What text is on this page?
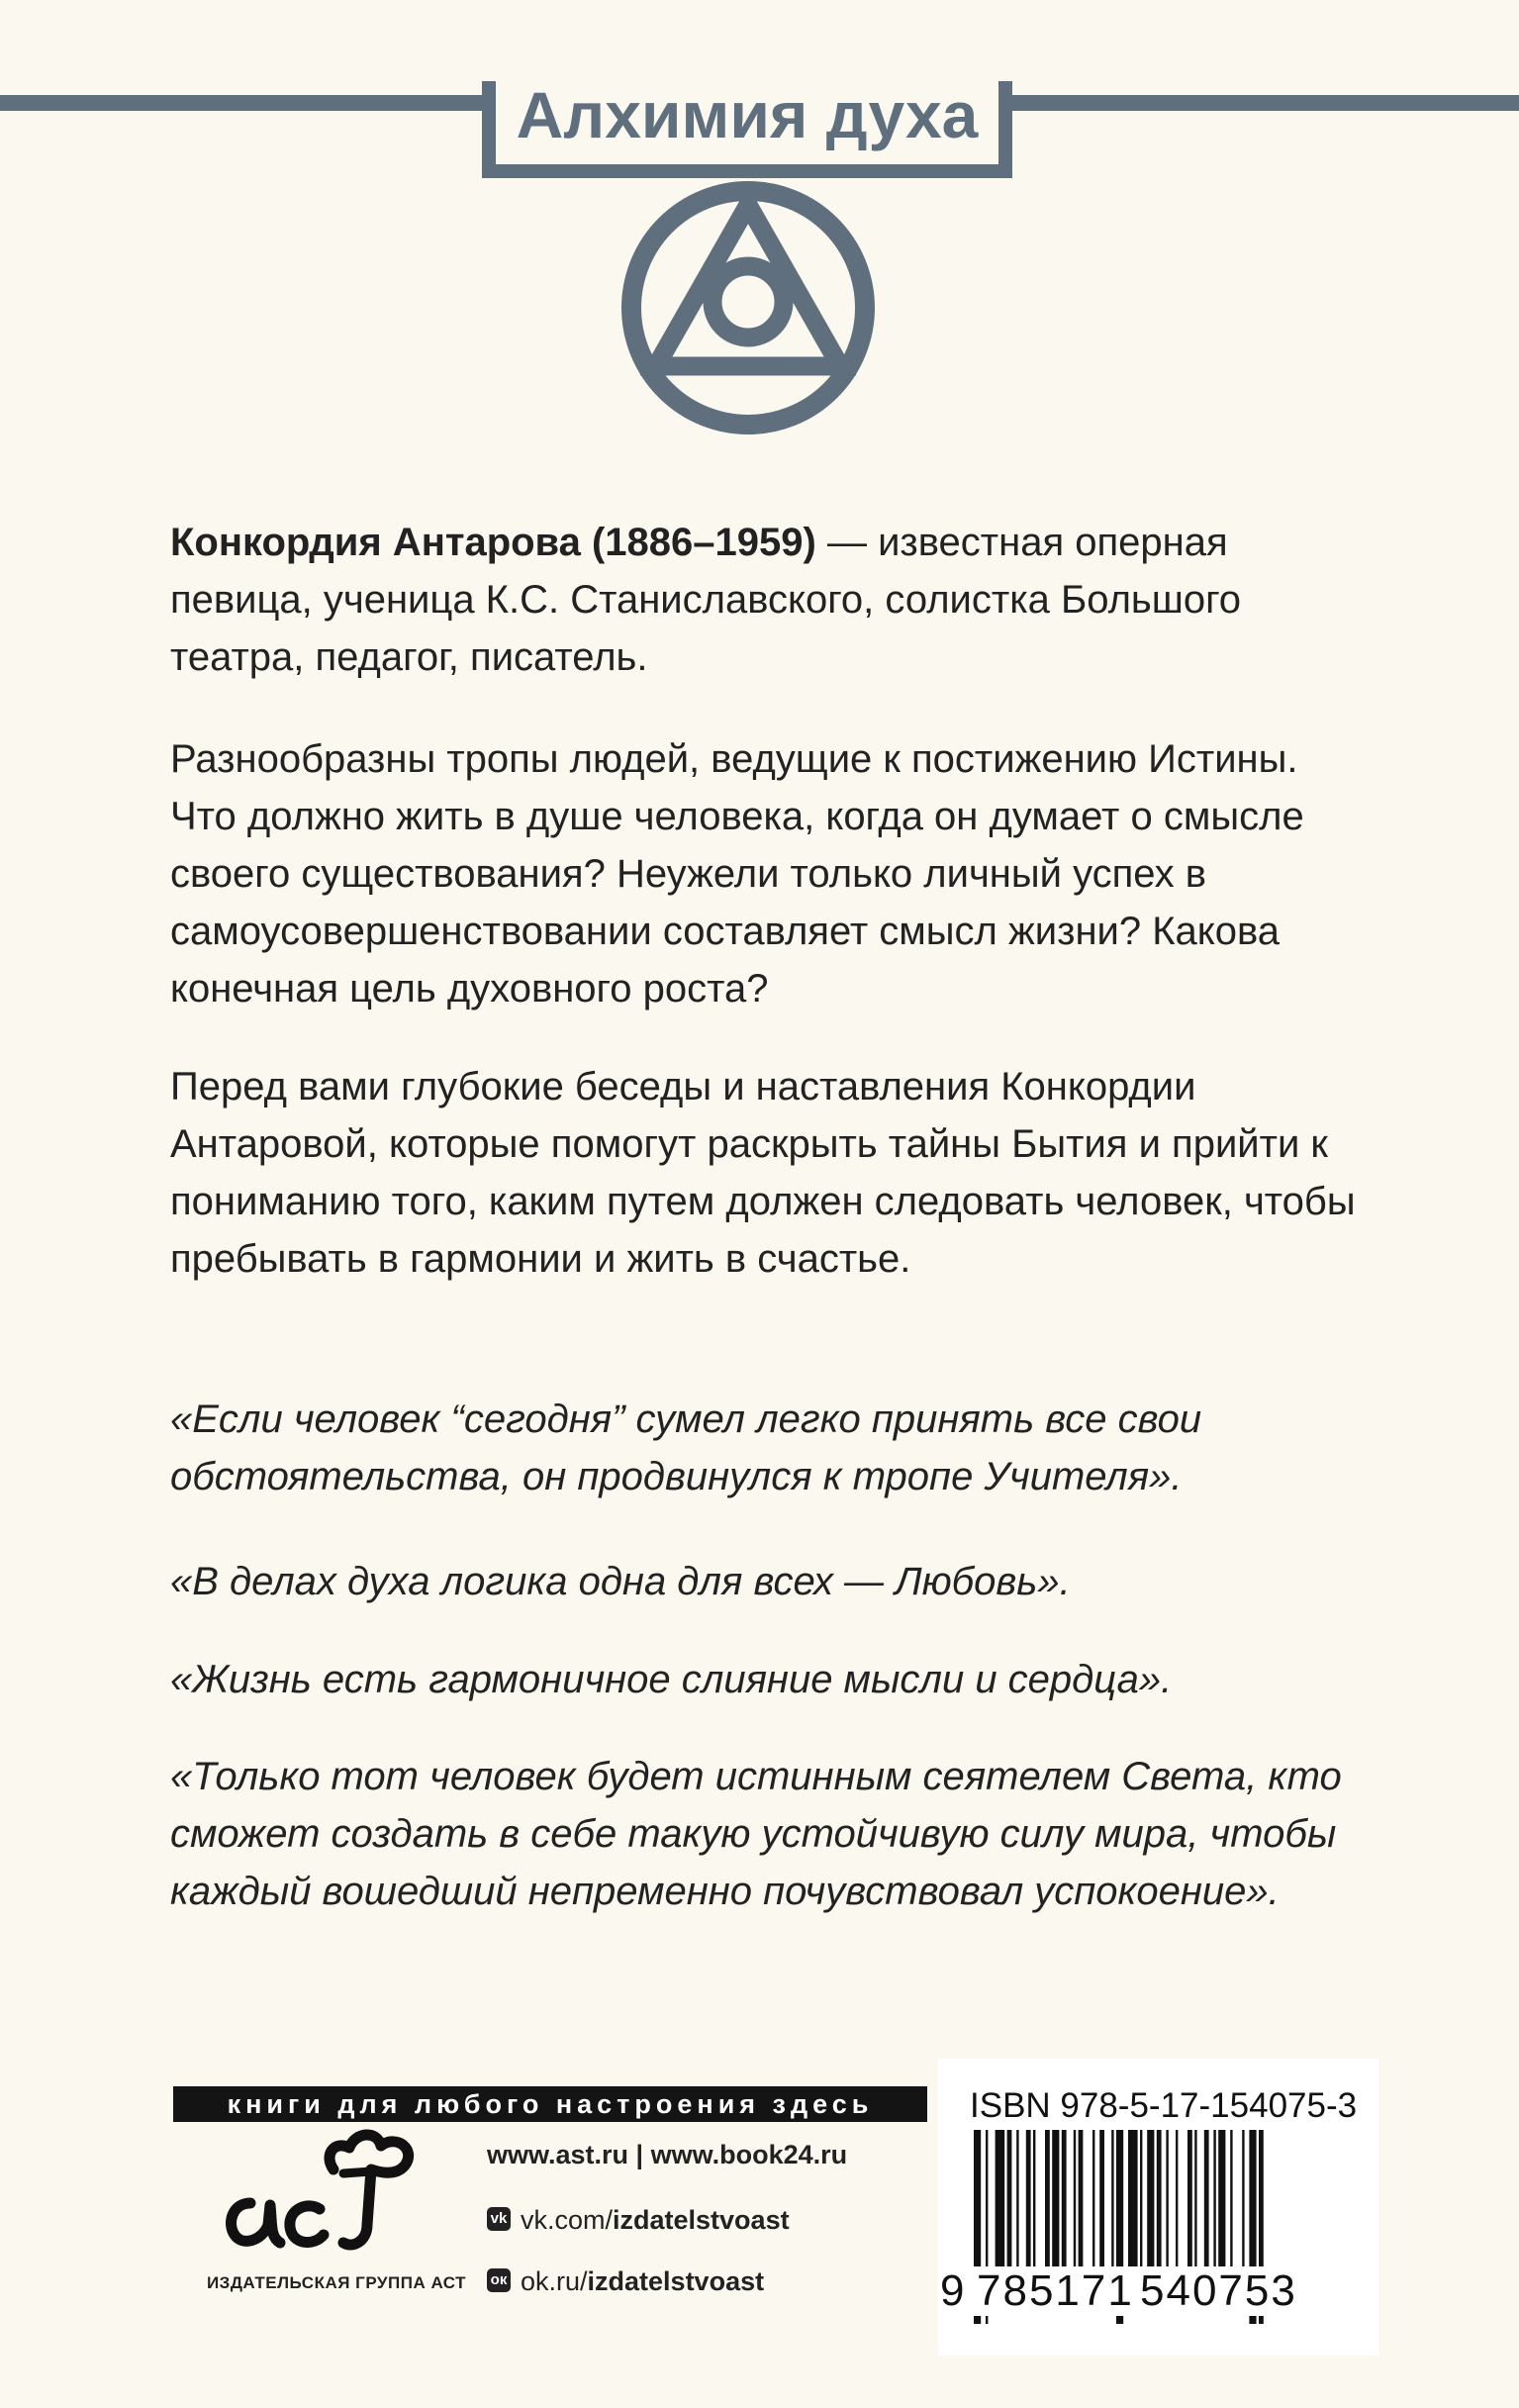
Алхимия духа

Конкордия Антарова (1886–1959) — известная оперная певица, ученица К.С. Станиславского, солистка Большого театра, педагог, писатель.

Разнообразны тропы людей, ведущие к постижению Истины. Что должно жить в душе человека, когда он думает о смысле своего существования? Неужели только личный успех в самоусовершенствовании составляет смысл жизни? Какова конечная цель духовного роста?

Перед вами глубокие беседы и наставления Конкордии Антаровой, которые помогут раскрыть тайны Бытия и прийти к пониманию того, каким путем должен следовать человек, чтобы пребывать в гармонии и жить в счастье.

«Если человек “сегодня” сумел легко принять все свои обстоятельства, он продвинулся к тропе Учителя».
«В делах духа логика одна для всех — Любовь».
«Жизнь есть гармоничное слияние мысли и сердца».
«Только тот человек будет истинным сеятелем Света, кто сможет создать в себе такую устойчивую силу мира, чтобы каждый вошедший непременно почувствовал успокоение».
книги для любого настроения здесь
ИЗДАТЕЛЬСКАЯ ГРУППА АСТ
www.ast.ru | www.book24.ru
vk vk.com/izdatelstvoast
ок ok.ru/izdatelstvoast
ISBN 978-5-17-154075-3
9 785171 540753
